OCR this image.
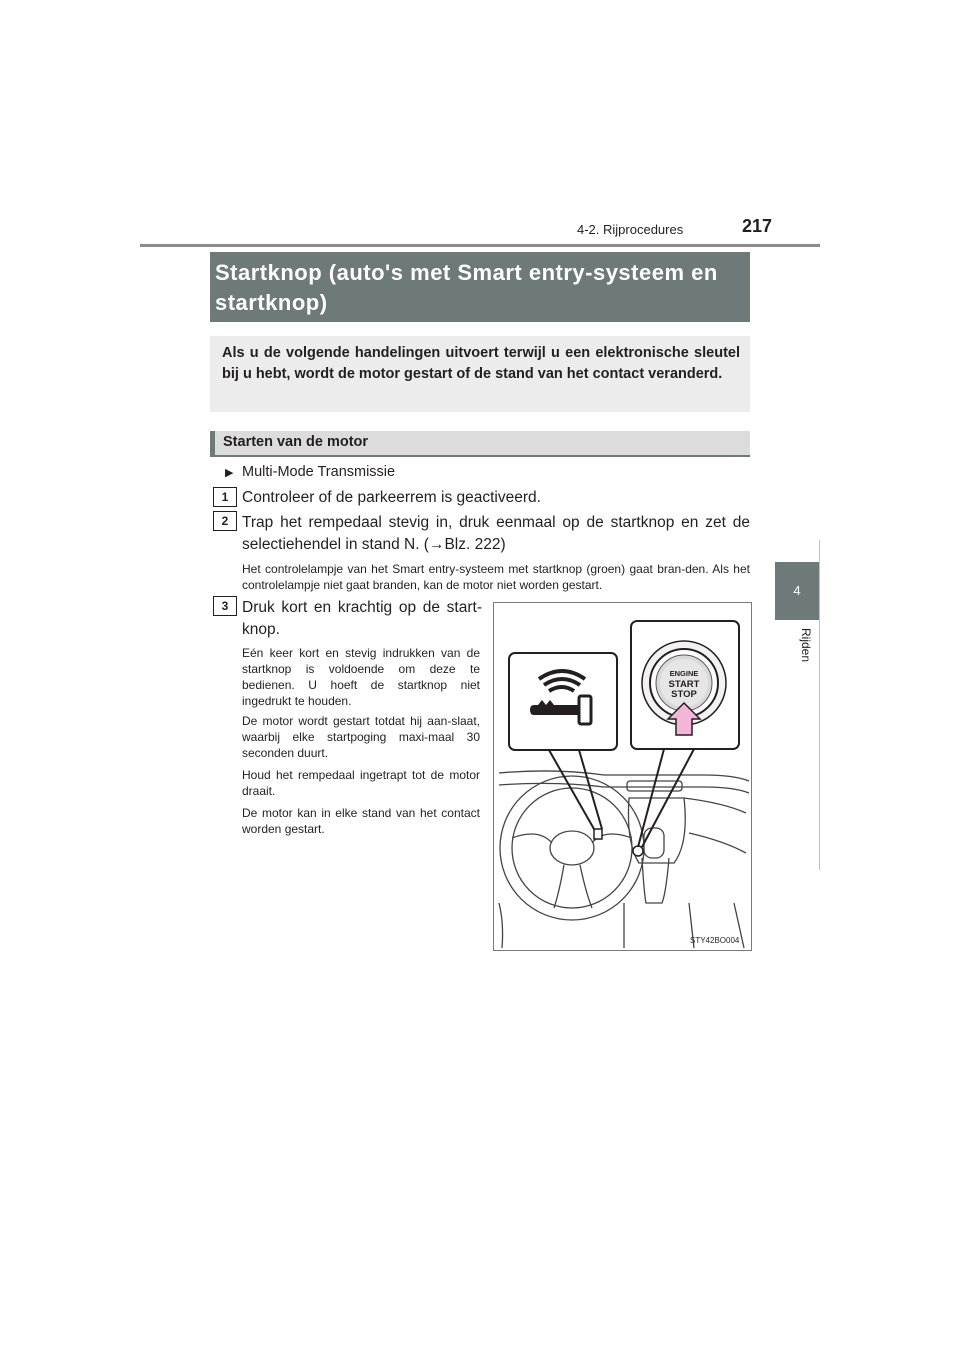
4-2. Rijprocedures	217
4
Rijden
Startknop (auto's met Smart entry-systeem en startknop)
Als u de volgende handelingen uitvoert terwijl u een elektronische sleutel bij u hebt, wordt de motor gestart of de stand van het contact veranderd.
Starten van de motor
▶ Multi-Mode Transmissie
1 Controleer of de parkeerrem is geactiveerd.
2 Trap het rempedaal stevig in, druk eenmaal op de startknop en zet de selectiehendel in stand N. (→Blz. 222)
Het controlelampje van het Smart entry-systeem met startknop (groen) gaat bran-den. Als het controlelampje niet gaat branden, kan de motor niet worden gestart.
3 Druk kort en krachtig op de start-knop.
Eén keer kort en stevig indrukken van de startknop is voldoende om deze te bedienen. U hoeft de startknop niet ingedrukt te houden.
De motor wordt gestart totdat hij aan-slaat, waarbij elke startpoging maxi-maal 30 seconden duurt.
Houd het rempedaal ingetrapt tot de motor draait.
De motor kan in elke stand van het contact worden gestart.
ENGINE
START
STOP
STY42BO004
